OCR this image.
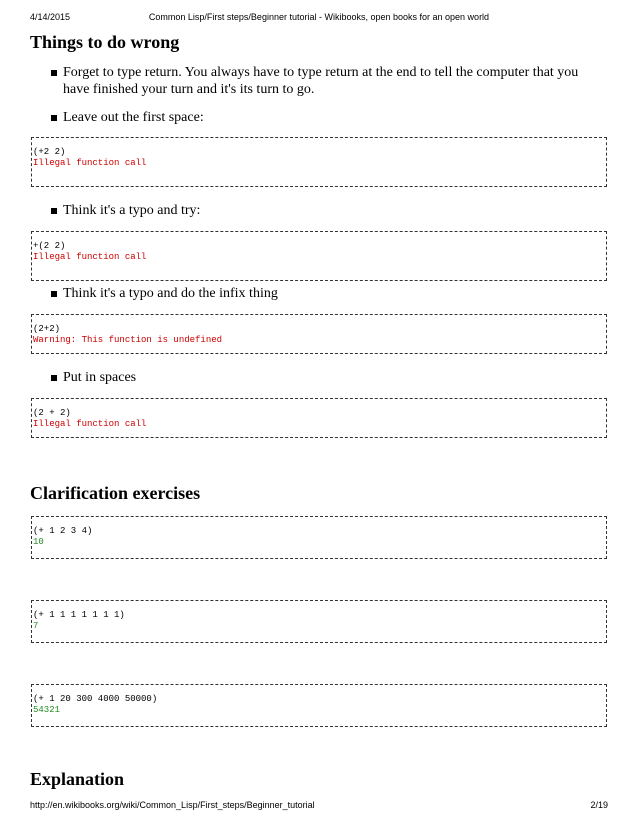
4/14/2015	Common Lisp/First steps/Beginner tutorial - Wikibooks, open books for an open world
Things to do wrong
Forget to type return. You always have to type return at the end to tell the computer that you have finished your turn and it's its turn to go.
Leave out the first space:
(+2 2)
Illegal function call
Think it's a typo and try:
+(2 2)
Illegal function call
Think it's a typo and do the infix thing
(2+2)
Warning: This function is undefined
Put in spaces
(2 + 2)
Illegal function call
Clarification exercises
(+ 1 2 3 4)
10
(+ 1 1 1 1 1 1 1)
7
(+ 1 20 300 4000 50000)
54321
Explanation
http://en.wikibooks.org/wiki/Common_Lisp/First_steps/Beginner_tutorial	2/19
